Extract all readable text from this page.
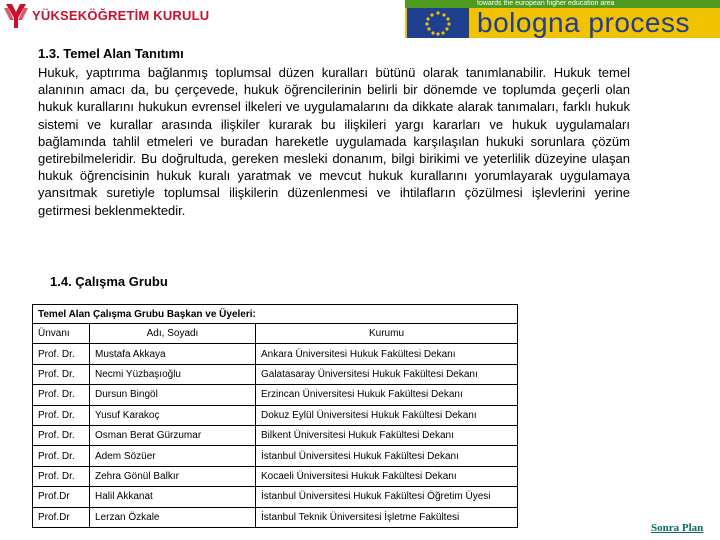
YÜKSEKÖĞRETİM KURULU
towards the european higher education area
bologna process
1.3. Temel Alan Tanıtımı
Hukuk, yaptırıma bağlanmış toplumsal düzen kuralları bütünü olarak tanımlanabilir. Hukuk temel alanının amacı da, bu çerçevede, hukuk öğrencilerinin belirli bir dönemde ve toplumda geçerli olan hukuk kurallarını hukukun evrensel ilkeleri ve uygulamalarını da dikkate alarak tanımaları, farklı hukuk sistemi ve kurallar arasında ilişkiler kurarak bu ilişkileri yargı kararları ve hukuk uygulamaları bağlamında tahlil etmeleri ve buradan hareketle uygulamada karşılaşılan hukuki sorunlara çözüm getirebilmeleridir. Bu doğrultuda, gereken mesleki donanım, bilgi birikimi ve yeterlilik düzeyine ulaşan hukuk öğrencisinin hukuk kuralı yaratmak ve mevcut hukuk kurallarını yorumlayarak uygulamaya yansıtmak suretiyle toplumsal ilişkilerin düzenlenmesi ve ihtilafların çözülmesi işlevlerini yerine getirmesi beklenmektedir.
1.4. Çalışma Grubu
Temel Alan Çalışma Grubu Başkan ve Üyeleri:		
Ünvanı	Adı, Soyadı	Kurumu
Prof. Dr.	Mustafa Akkaya	Ankara Üniversitesi Hukuk Fakültesi Dekanı
Prof. Dr.	Necmi Yüzbaşıoğlu	Galatasaray Üniversitesi Hukuk Fakültesi Dekanı
Prof. Dr.	Dursun Bingöl	Erzincan Üniversitesi Hukuk Fakültesi Dekanı
Prof. Dr.	Yusuf Karakoç	Dokuz Eylül Üniversitesi Hukuk Fakültesi Dekanı
Prof. Dr.	Osman Berat Gürzumar	Bilkent Üniversitesi Hukuk Fakültesi Dekanı
Prof. Dr.	Adem Sözüer	İstanbul Üniversitesi Hukuk Fakültesi Dekanı
Prof. Dr.	Zehra Gönül Balkır	Kocaeli Üniversitesi Hukuk Fakültesi Dekanı
Prof.Dr	Halil Akkanat	İstanbul Üniversitesi Hukuk Fakültesi Öğretim Üyesi
Prof.Dr	Lerzan Özkale	İstanbul Teknik Üniversitesi İşletme Fakültesi
Sonra Plan
